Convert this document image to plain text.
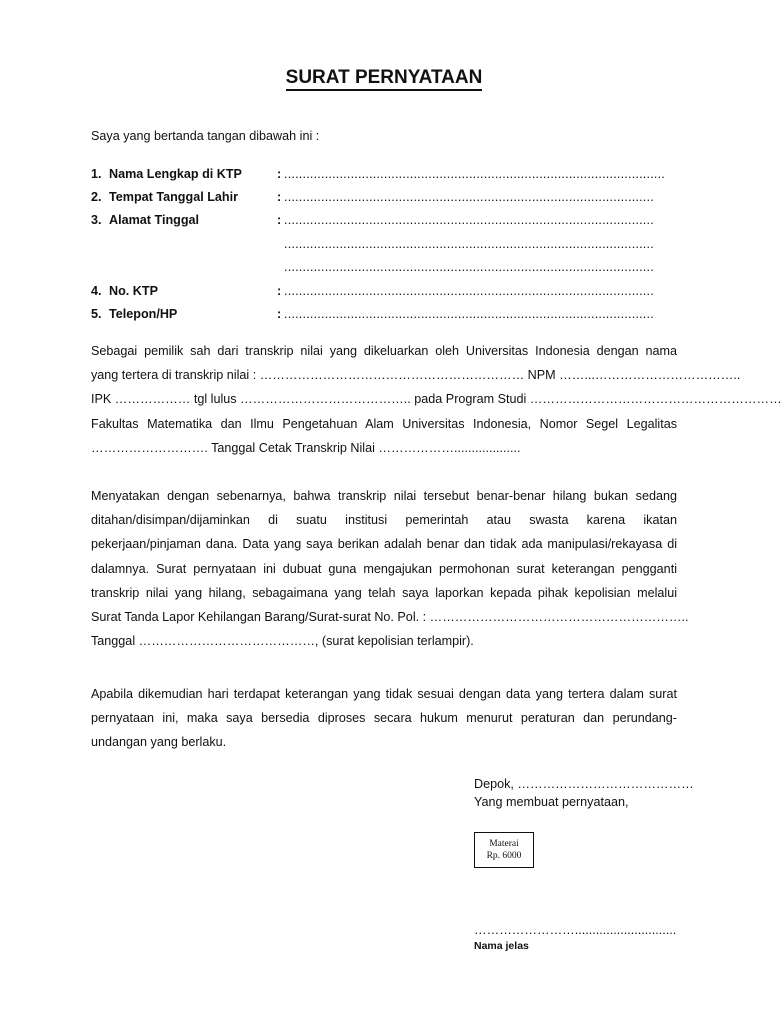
SURAT PERNYATAAN
Saya yang bertanda tangan dibawah ini :
1. Nama Lengkap di KTP	: .......................................................................................................
2. Tempat Tanggal Lahir	: ....................................................................................................
3. Alamat Tinggal	: ....................................................................................................
....................................................................................................
....................................................................................................
4. No. KTP	: ....................................................................................................
5. Telepon/HP	: ....................................................................................................
Sebagai pemilik sah dari transkrip nilai yang dikeluarkan oleh Universitas Indonesia dengan nama
yang tertera di transkrip nilai : ……………………………………………………… NPM ……...……………………………..
IPK ……………… tgl lulus ………………………………….. pada Program Studi ……………………………………………………
Fakultas Matematika dan Ilmu Pengetahuan Alam Universitas Indonesia, Nomor Segel Legalitas
………………………. Tanggal Cetak Transkrip Nilai ………………...................
Menyatakan dengan sebenarnya, bahwa transkrip nilai tersebut benar-benar hilang bukan sedang
ditahan/disimpan/dijaminkan di suatu institusi pemerintah atau swasta karena ikatan
pekerjaan/pinjaman dana. Data yang saya berikan adalah benar dan tidak ada manipulasi/rekayasa di
dalamnya. Surat pernyataan ini dubuat guna mengajukan permohonan surat keterangan pengganti
transkrip nilai yang hilang, sebagaimana yang telah saya laporkan kepada pihak kepolisian melalui
Surat Tanda Lapor Kehilangan Barang/Surat-surat No. Pol. : ……………………………………………………..
Tanggal ……………………………………, (surat kepolisian terlampir).
Apabila dikemudian hari terdapat keterangan yang tidak sesuai dengan data yang tertera dalam surat
pernyataan ini, maka saya bersedia diproses secara hukum menurut peraturan dan perundang-
undangan yang berlaku.
Depok, ……………………………………
Yang membuat pernyataan,
Materai
Rp. 6000
…………………….............................
Nama jelas
